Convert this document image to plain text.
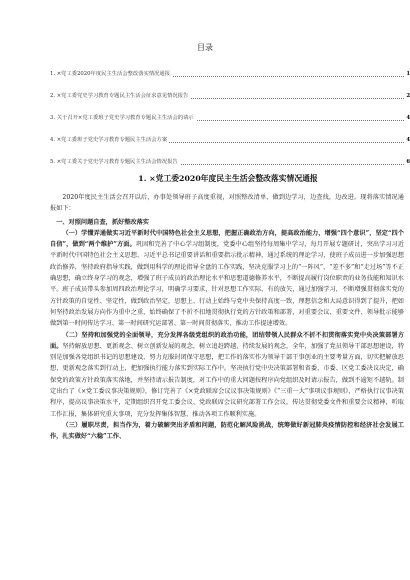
目录
1. ×党工委2020年度民主生活会整改落实情况通报	1
2. ×党工委党史学习教育专题民主生活会征求意见情况报告	2
3. 关于召开×党工委班子党史学习教育专题民主生活会的请示	4
4. ×党工委班子党史学习教育专题民主生活会方案	4
5. ×党工委关于党史学习教育专题民主生活会情况报告	6
1. ×党工委2020年度民主生活会整改落实情况通报

2020年度民主生活会召开以后，办事处领导班子高度重视，对照整改清单，做到边学习，边查找，边改进。现将落实情况通报如下：

一、对照问题自查，抓好整改落实

（一）学懂弄通做实习近平新时代中国特色社会主义思想，把握正确政治方向，提高政治能力，增强“四个意识”，坚定“四个自信”，做到“两个维护”方面。巩固和完善了中心学习组制度，党委中心组坚持每周集中学习，每月开展专题研讨，突出学习习近平新时代中国特色社会主义思想、习近平总书记重要讲话和重要指示批示精神，通过系统的理论学习，使班子成员进一步加强思想政治修养，坚持政府指导实践，做到用科学的理论指导全盘的工作实践，坚决克服学习上的“一阵风”、“差不多”和“走过场”等不正确思想，确立终身学习的观念，增强了班子成员的政治理论水平和思想道德修养水平，不断提高履行岗位职责的业务技能和知识水平。班子成员带头参加周四政治理论学习，明确学习要求，针对思想工作实际，有的放矢，通过加强学习，不断增强贯彻落实党的方针政策的自觉性、坚定性，做到政治坚定，思想上、行动上始终与党中央保持高度一致，理想信念和大局意识得到了提升，把如何坚持政治发展方向作为重中之重，始终确保了不折不扣地贯彻执行党的方针政策和部署，对重要会议、重要文件、领导批示能够做到第一时间传达学习、第一时间研究运部署、第一时间贯彻落实，推动工作提速增效。

（二）坚持和加强党的全面领导，充分发挥各级党组织的政治功能，团结带领人民群众不折不扣贯彻落实党中央决策部署方面。坚持解放思想、更新观念、树立创新发展的观念，树立追赶跨越、持续发展的观念，全年，加强了党员领导干部思想建设，特别是加强各党组织书记的思想建设，努力克服封闭保守思想，把工作的落实作为领导干部干事创业的主要考量方面，切实把解放思想、更新观念落实到行动上，把加强执行能力落实到实际工作中。坚决执行党中央决策部署和省委、市委、区党工委决议决定，确保党的政策方针政策落实落地，并坚持请示报告制度，对工作中的重大问题按程序向党组织及时请示报告，做到不逾矩不越轨。制定出台了《×党工委议事决策规则》，修订完善了《×党政联席会议议事决策规则》《“三重一大”事项议事规则》，严格执行议事决策程序，提高议事决策水平，定期组织召开党工委会议、党政联席会议研究部署工作会议，传达贯彻党委文件和重要会议精神，听取工作汇报，集体研究重大事项，充分发挥集体智慧，推动各项工作顺利实施。

（三）履职尽责，担当作为，着力破解突出矛盾和问题，防范化解风险挑战，统筹做好新冠肺炎疫情防控和经济社会发展工作，扎实做好“六稳”工作、
